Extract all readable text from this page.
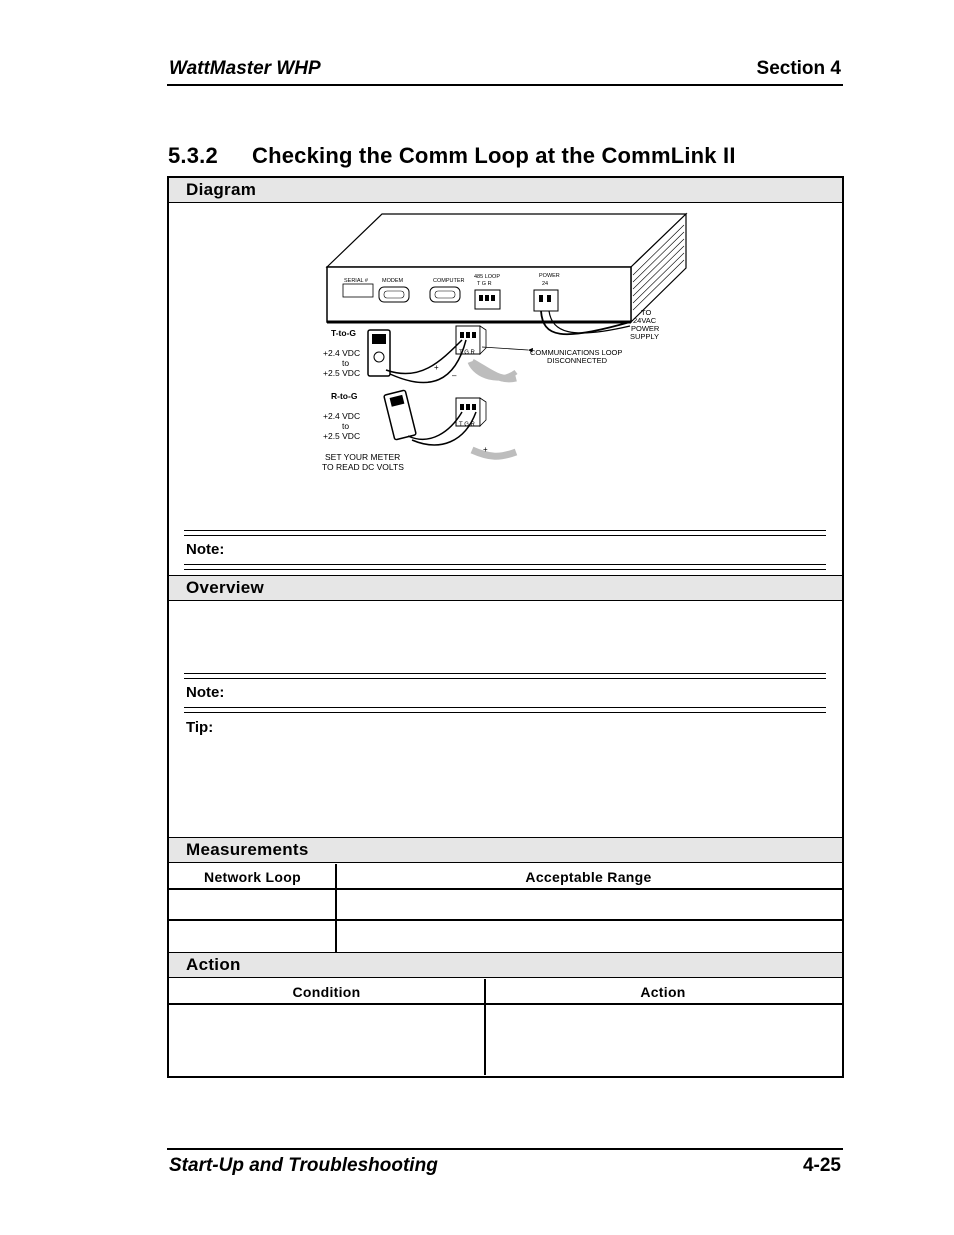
WattMaster WHP	Section 4
5.3.2 Checking the Comm Loop at the CommLink II
Diagram
SERIAL #	MODEM	COMPUTER
485 LOOP
T G R
POWER
24
TO 24VAC POWER SUPPLY
T G R	COMMUNICATIONS LOOP DISCONNECTED
+
–
T-to-G
+2.4 VDC to +2.5 VDC
T G R
+
R-to-G
+2.4 VDC to +2.5 VDC
SET YOUR METER TO READ DC VOLTS
Note:
Overview
Note:
Tip:
Measurements
Network Loop	Acceptable Range
Action
Condition	Action
Start-Up and Troubleshooting	4-25
